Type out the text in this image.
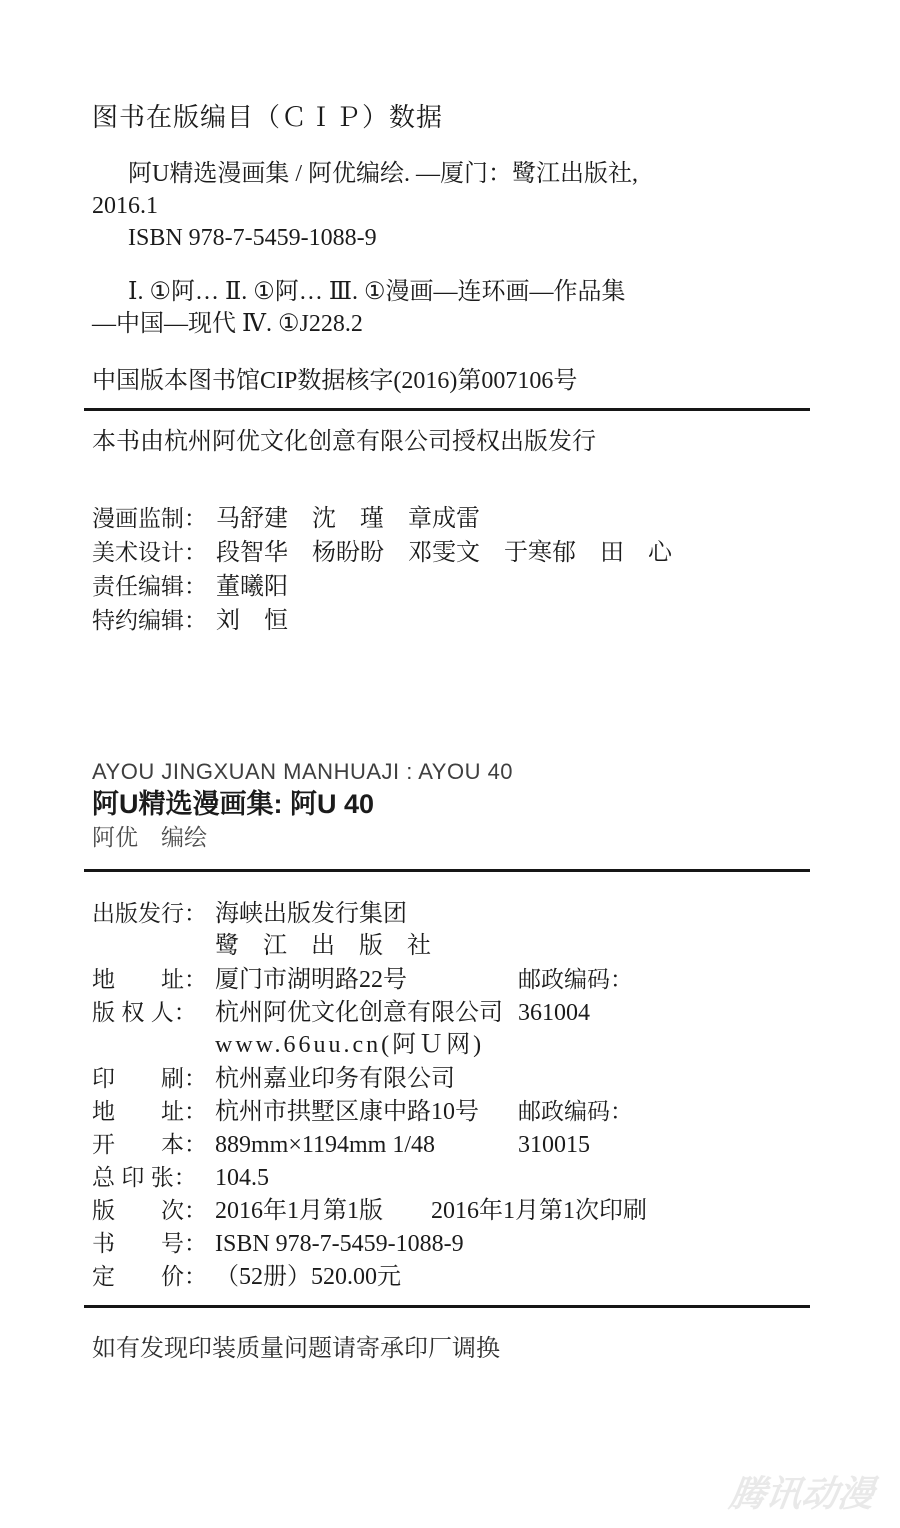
图书在版编目（ＣＩＰ）数据
阿U精选漫画集 / 阿优编绘. —厦门：鹭江出版社,
2016.1
ISBN 978-7-5459-1088-9
Ⅰ. ①阿… Ⅱ. ①阿… Ⅲ. ①漫画—连环画—作品集
—中国—现代 Ⅳ. ①J228.2
中国版本图书馆CIP数据核字(2016)第007106号
本书由杭州阿优文化创意有限公司授权出版发行
漫画监制： 马舒建　沈　瑾　章成雷
美术设计： 段智华　杨盼盼　邓雯文　于寒郁　田　心
责任编辑： 董曦阳
特约编辑： 刘　恒
AYOU JINGXUAN MANHUAJI : AYOU 40
阿U精选漫画集: 阿U 40
阿优　编绘
出版发行： 海峡出版发行集团
鹭　江　出　版　社
地　　址： 厦门市湖明路22号	邮政编码：361004
版 权 人： 杭州阿优文化创意有限公司
www.66uu.cn(阿Ｕ网)
印　　刷： 杭州嘉业印务有限公司
地　　址： 杭州市拱墅区康中路10号 邮政编码：310015
开　　本： 889mm×1194mm 1/48
总 印 张： 104.5
版　　次： 2016年1月第1版　　2016年1月第1次印刷
书　　号： ISBN 978-7-5459-1088-9
定　　价： （52册）520.00元
如有发现印装质量问题请寄承印厂调换
腾讯动漫
